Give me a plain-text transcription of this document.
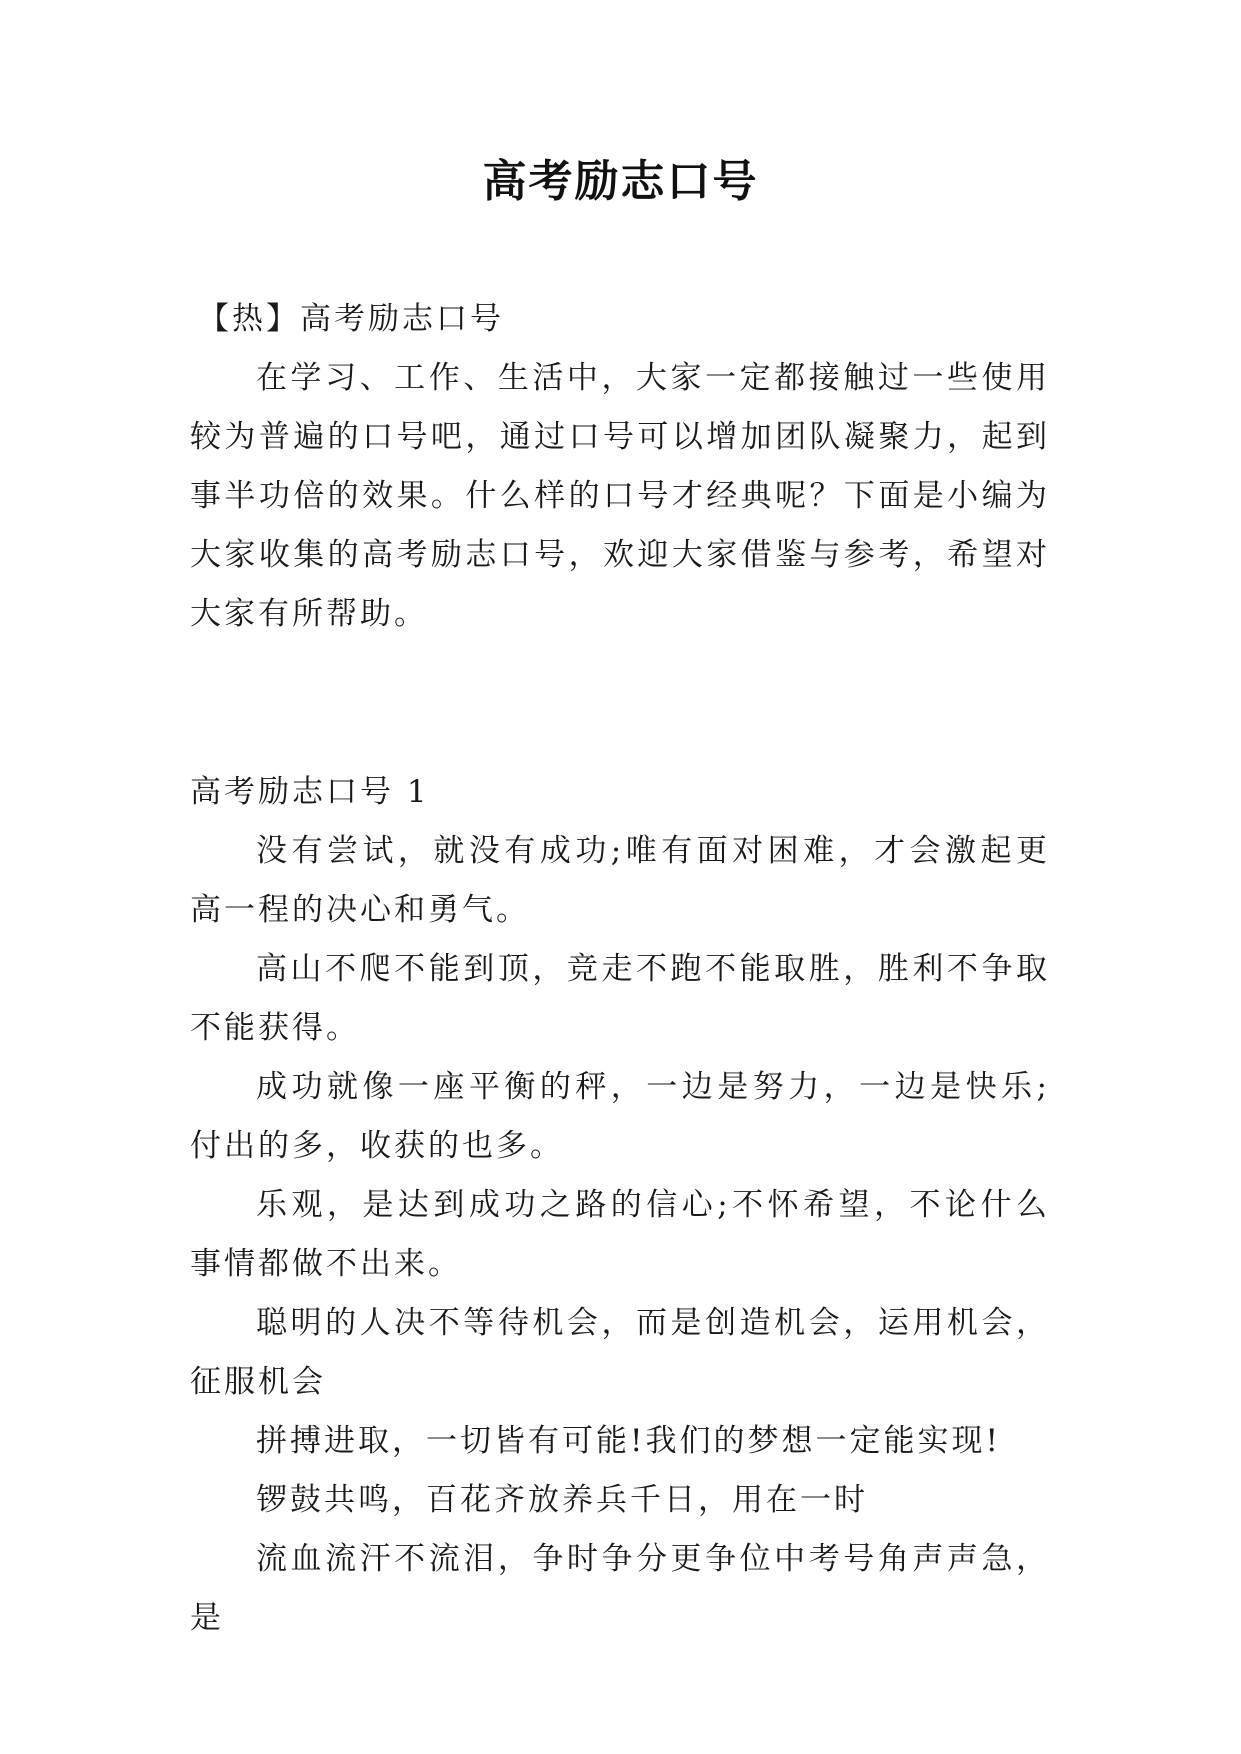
高考励志口号

【热】高考励志口号

在学习、工作、生活中，大家一定都接触过一些使用较为普遍的口号吧，通过口号可以增加团队凝聚力，起到事半功倍的效果。什么样的口号才经典呢？下面是小编为大家收集的高考励志口号，欢迎大家借鉴与参考，希望对大家有所帮助。

高考励志口号 1

没有尝试，就没有成功;唯有面对困难，才会激起更高一程的决心和勇气。

高山不爬不能到顶，竞走不跑不能取胜，胜利不争取不能获得。

成功就像一座平衡的秤，一边是努力，一边是快乐;付出的多，收获的也多。

乐观，是达到成功之路的信心;不怀希望，不论什么事情都做不出来。

聪明的人决不等待机会，而是创造机会，运用机会，征服机会

拼搏进取，一切皆有可能!我们的梦想一定能实现!

锣鼓共鸣，百花齐放养兵千日，用在一时

流血流汗不流泪，争时争分更争位中考号角声声急，是
